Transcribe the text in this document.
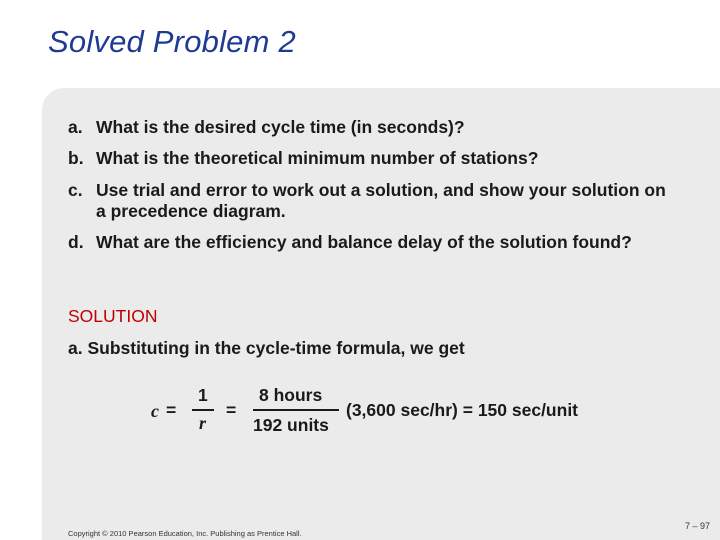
Solved Problem 2
a. What is the desired cycle time (in seconds)?
b. What is the theoretical minimum number of stations?
c. Use trial and error to work out a solution, and show your solution on a precedence diagram.
d. What are the efficiency and balance delay of the solution found?
SOLUTION
a. Substituting in the cycle-time formula, we get
c =
1
r
=
8 hours
192 units
(3,600 sec/hr) = 150 sec/unit
Copyright © 2010 Pearson Education, Inc. Publishing as Prentice Hall.
7 – 97
